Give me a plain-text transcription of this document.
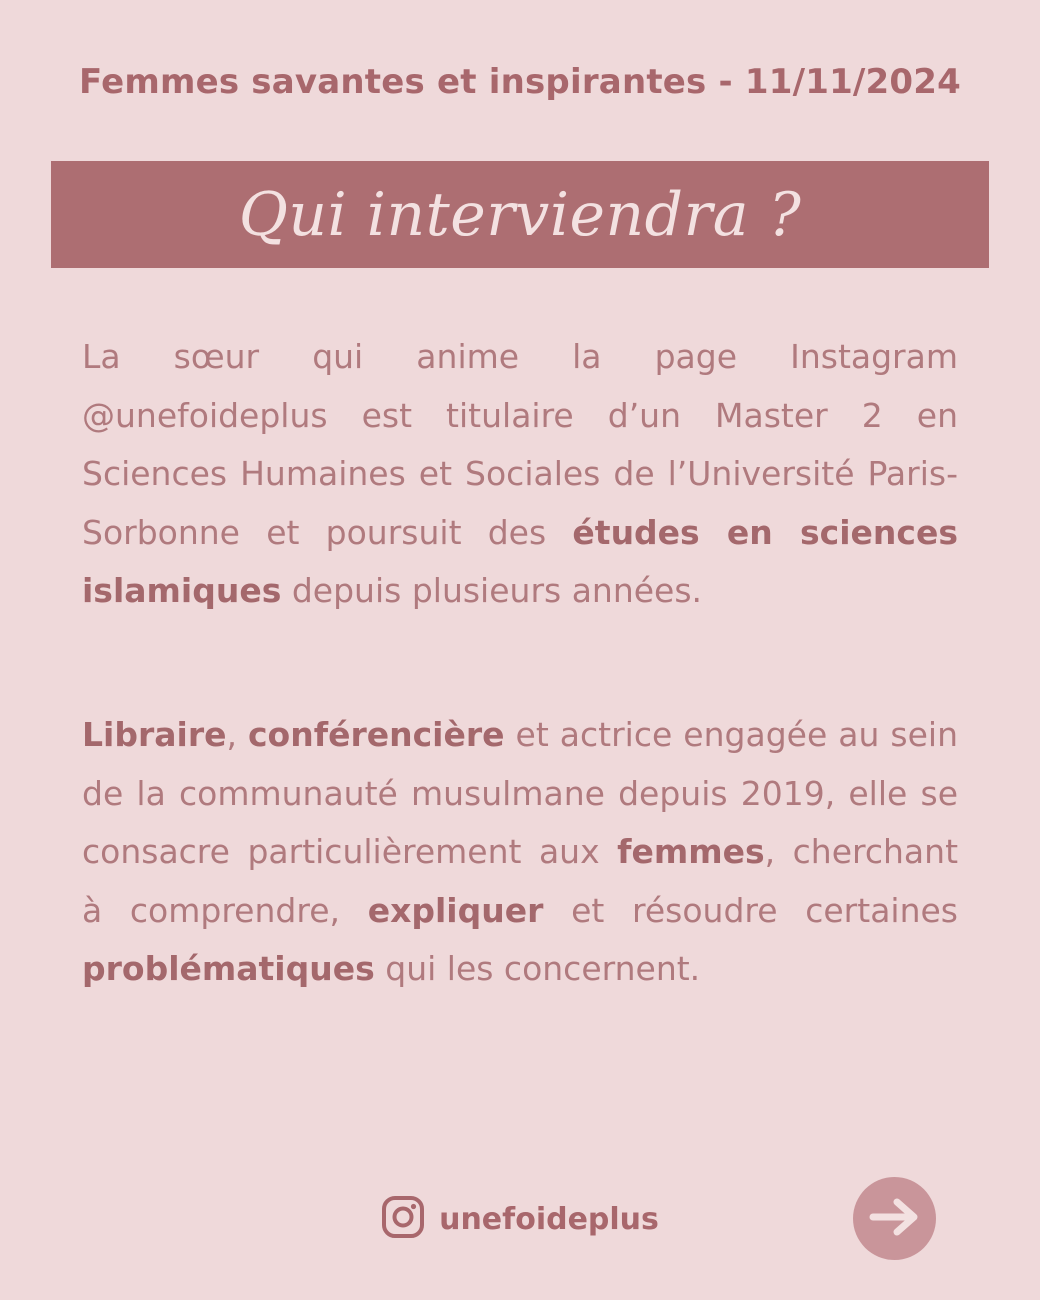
Femmes savantes et inspirantes - 11/11/2024
Qui interviendra ?
La sœur qui anime la page Instagram @unefoideplus est titulaire d’un Master 2 en Sciences Humaines et Sociales de l’Université Paris-Sorbonne et poursuit des études en sciences islamiques depuis plusieurs années.
Libraire, conférencière et actrice engagée au sein de la communauté musulmane depuis 2019, elle se consacre particulièrement aux femmes, cherchant à comprendre, expliquer et résoudre certaines problématiques qui les concernent.
unefoideplus
